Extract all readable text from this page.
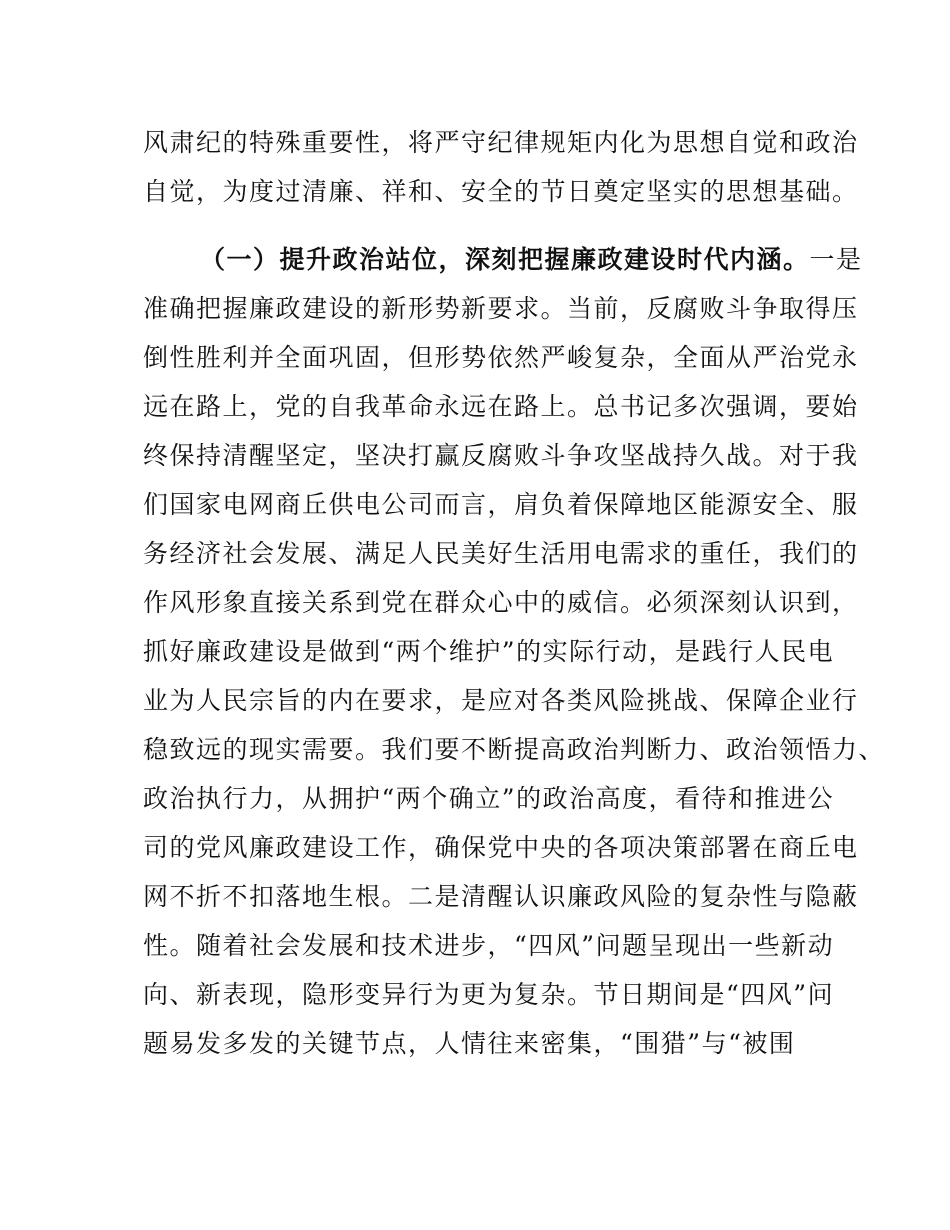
风肃纪的特殊重要性，将严守纪律规矩内化为思想自觉和政治
自觉，为度过清廉、祥和、安全的节日奠定坚实的思想基础。
（一）提升政治站位，深刻把握廉政建设时代内涵。一是
准确把握廉政建设的新形势新要求。当前，反腐败斗争取得压
倒性胜利并全面巩固，但形势依然严峻复杂，全面从严治党永
远在路上，党的自我革命永远在路上。总书记多次强调，要始
终保持清醒坚定，坚决打赢反腐败斗争攻坚战持久战。对于我
们国家电网商丘供电公司而言，肩负着保障地区能源安全、服
务经济社会发展、满足人民美好生活用电需求的重任，我们的
作风形象直接关系到党在群众心中的威信。必须深刻认识到，
抓好廉政建设是做到“两个维护”的实际行动，是践行人民电
业为人民宗旨的内在要求，是应对各类风险挑战、保障企业行
稳致远的现实需要。我们要不断提高政治判断力、政治领悟力、
政治执行力，从拥护“两个确立”的政治高度，看待和推进公
司的党风廉政建设工作，确保党中央的各项决策部署在商丘电
网不折不扣落地生根。二是清醒认识廉政风险的复杂性与隐蔽
性。随着社会发展和技术进步，“四风”问题呈现出一些新动
向、新表现，隐形变异行为更为复杂。节日期间是“四风”问
题易发多发的关键节点，人情往来密集，“围猎”与“被围
